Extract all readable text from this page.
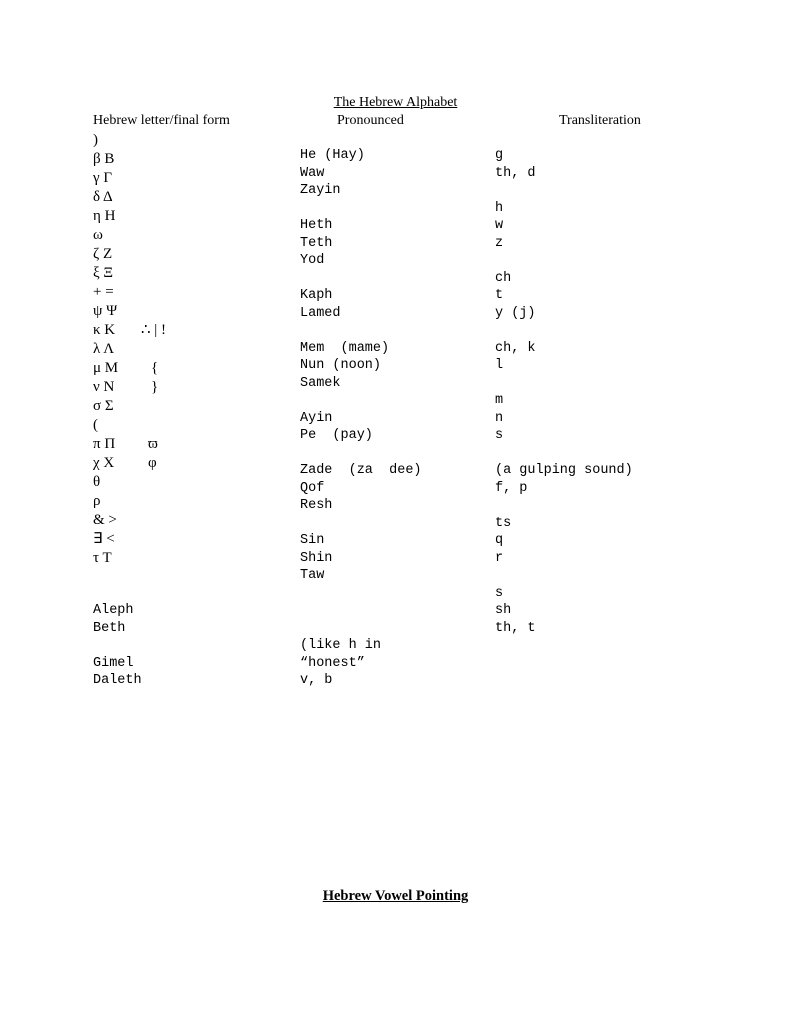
The Hebrew Alphabet
Hebrew letter/final form	Pronounced	Transliteration
)
β Β
γ Γ
δ Δ
η Η
ω
ζ Ζ
ξ Ξ
+ =
ψ Ψ
κ Κ ∴ | !
λ Λ
μ Μ {
ν Ν }
σ Σ
(
π Π ϖ
χ Χ φ
θ
ρ
& >
∃ <
τ Τ
Aleph
Beth
Gimel
Daleth
He (Hay)
Waw
Zayin
Heth
Teth
Yod
Kaph
Lamed
Mem  (mame)
Nun (noon)
Samek
Ayin
Pe  (pay)
Zade  (za  dee)
Qof
Resh
Sin
Shin
Taw
(like h in
“honest”
v, b
g
th, d
h
w
z
ch
t
y (j)
ch, k
l
m
n
s
(a gulping sound)
f, p
ts
q
r
s
sh
th, t
Hebrew Vowel Pointing
